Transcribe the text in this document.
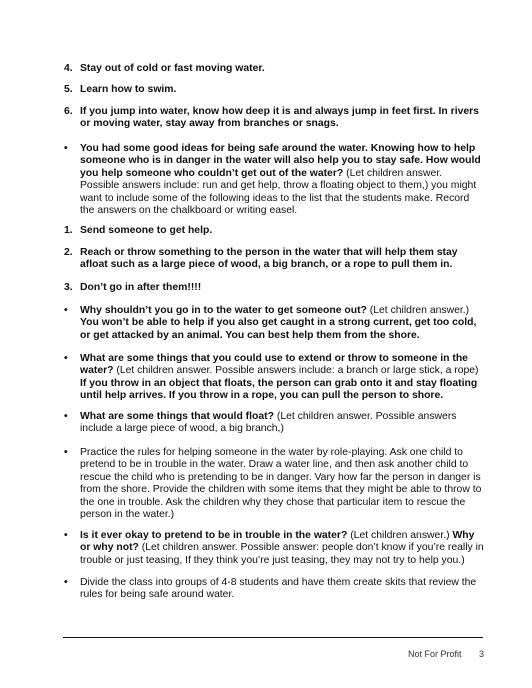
4. Stay out of cold or fast moving water.
5. Learn how to swim.
6. If you jump into water, know how deep it is and always jump in feet first. In rivers or moving water, stay away from branches or snags.
•	You had some good ideas for being safe around the water. Knowing how to help someone who is in danger in the water will also help you to stay safe. How would you help someone who couldn’t get out of the water? (Let children answer. Possible answers include: run and get help, throw a floating object to them,) you might want to include some of the following ideas to the list that the students make. Record the answers on the chalkboard or writing easel.
1. Send someone to get help.
2. Reach or throw something to the person in the water that will help them stay afloat such as a large piece of wood, a big branch, or a rope to pull them in.
3. Don’t go in after them!!!!
•	Why shouldn’t you go in to the water to get someone out? (Let children answer.) You won’t be able to help if you also get caught in a strong current, get too cold, or get attacked by an animal. You can best help them from the shore.
•	What are some things that you could use to extend or throw to someone in the water? (Let children answer. Possible answers include: a branch or large stick, a rope) If you throw in an object that floats, the person can grab onto it and stay floating until help arrives. If you throw in a rope, you can pull the person to shore.
•	What are some things that would float? (Let children answer. Possible answers include a large piece of wood, a big branch,)
•	Practice the rules for helping someone in the water by role-playing. Ask one child to pretend to be in trouble in the water. Draw a water line, and then ask another child to rescue the child who is pretending to be in danger. Vary how far the person in danger is from the shore. Provide the children with some items that they might be able to throw to the one in trouble. Ask the children why they chose that particular item to rescue the person in the water.)
•	Is it ever okay to pretend to be in trouble in the water? (Let children answer.) Why or why not? (Let children answer. Possible answer: people don’t know if you’re really in trouble or just teasing, If they think you’re just teasing, they may not try to help you.)
•	Divide the class into groups of 4-8 students and have them create skits that review the rules for being safe around water.
Not For Profit 3
